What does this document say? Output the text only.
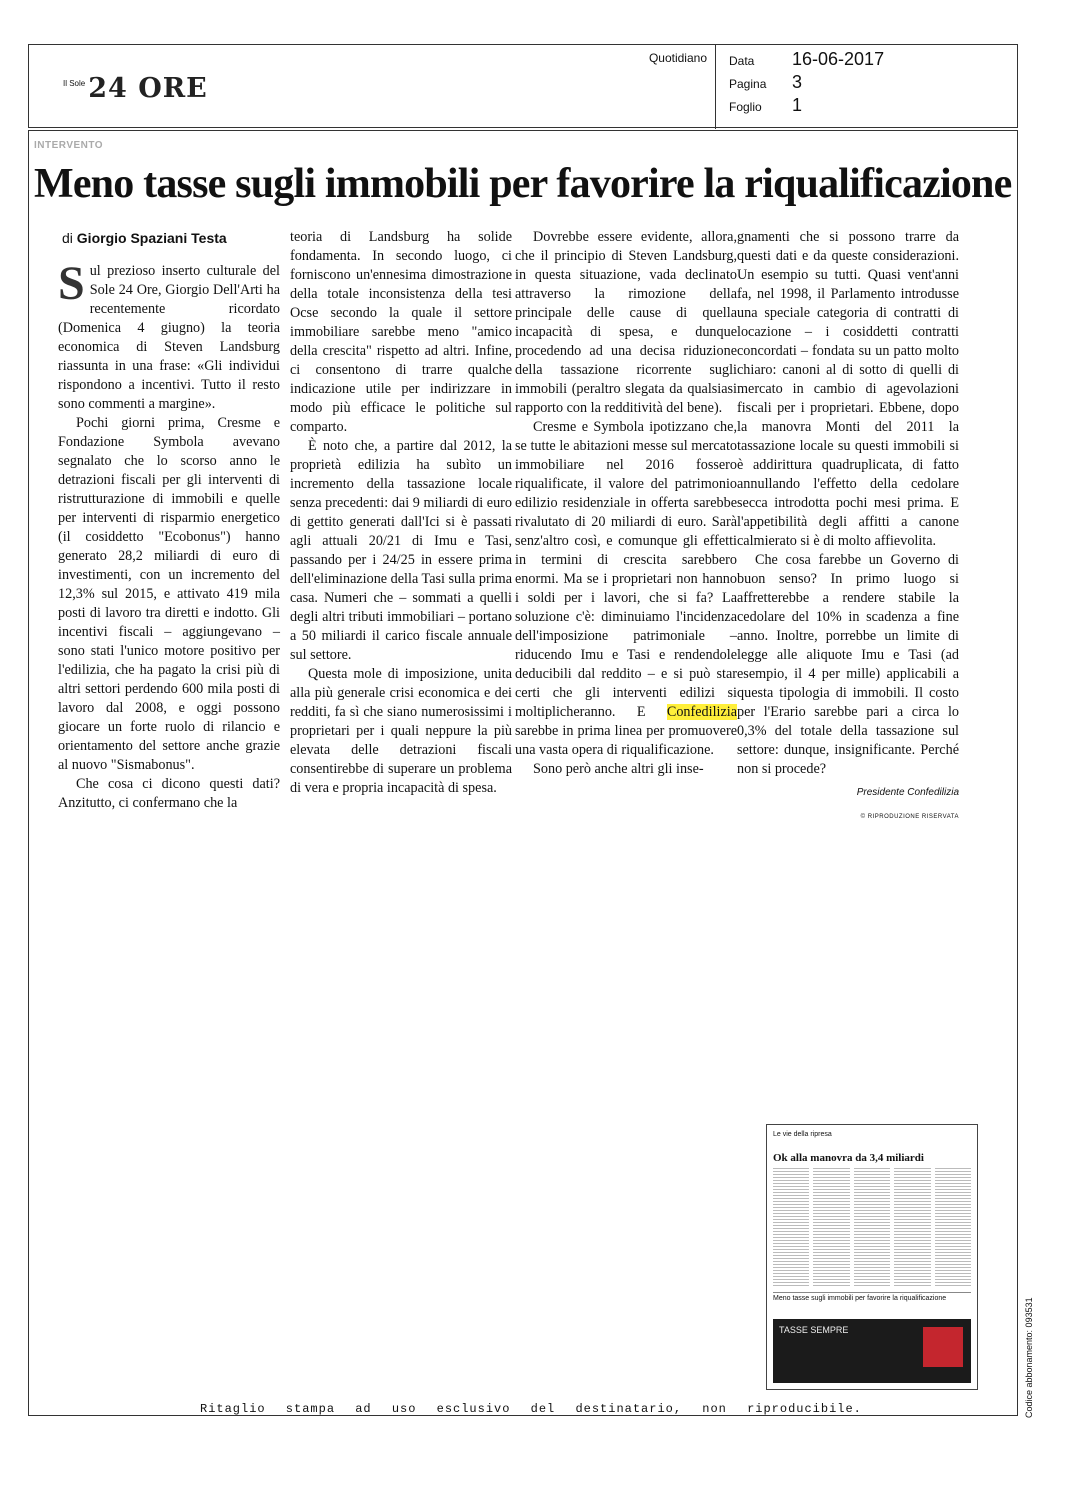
Il Sole 24 ORE
Quotidiano Data	16-06-2017
Pagina	3
Foglio	1
INTERVENTO
Meno tasse sugli immobili per favorire la riqualificazione
di Giorgio Spaziani Testa

Sul prezioso inserto culturale del Sole 24 Ore, Giorgio Dell'Arti ha recentemente ricordato (Domenica 4 giugno) la teoria economica di Steven Landsburg riassunta in una frase: «Gli individui rispondono a incentivi. Tutto il resto sono commenti a margine».

Pochi giorni prima, Cresme e Fondazione Symbola avevano segnalato che lo scorso anno le detrazioni fiscali per gli interventi di ristrutturazione di immobili e quelle per interventi di risparmio energetico (il cosiddetto "Ecobonus") hanno generato 28,2 miliardi di euro di investimenti, con un incremento del 12,3% sul 2015, e attivato 419 mila posti di lavoro tra diretti e indotto. Gli incentivi fiscali – aggiungevano – sono stati l'unico motore positivo per l'edilizia, che ha pagato la crisi più di altri settori perdendo 600 mila posti di lavoro dal 2008, e oggi possono giocare un forte ruolo di rilancio e orientamento del settore anche grazie al nuovo "Sismabonus".

Che cosa ci dicono questi dati? Anzitutto, ci confermano che la

teoria di Landsburg ha solide fondamenta. In secondo luogo, ci forniscono un'ennesima dimostrazione della totale inconsistenza della tesi Ocse secondo la quale il settore immobiliare sarebbe meno "amico della crescita" rispetto ad altri. Infine, ci consentono di trarre qualche indicazione utile per indirizzare in modo più efficace le politiche sul comparto.

È noto che, a partire dal 2012, la proprietà edilizia ha subìto un incremento della tassazione locale senza precedenti: dai 9 miliardi di euro di gettito generati dall'Ici si è passati agli attuali 20/21 di Imu e Tasi, passando per i 24/25 in essere prima dell'eliminazione della Tasi sulla prima casa. Numeri che – sommati a quelli degli altri tributi immobiliari – portano a 50 miliardi il carico fiscale annuale sul settore.

Questa mole di imposizione, unita alla più generale crisi economica e dei redditi, fa sì che siano numerosissimi i proprietari per i quali neppure la più elevata delle detrazioni fiscali consentirebbe di superare un problema di vera e propria incapacità di spesa.

Dovrebbe essere evidente, allora, che il principio di Steven Landsburg, in questa situazione, vada declinato attraverso la rimozione della principale delle cause di quella incapacità di spesa, e dunque procedendo ad una decisa riduzione della tassazione ricorrente sugli immobili (peraltro slegata da qualsiasi rapporto con la redditività del bene).

Cresme e Symbola ipotizzano che, se tutte le abitazioni messe sul mercato immobiliare nel 2016 fossero riqualificate, il valore del patrimonio edilizio residenziale in offerta sarebbe rivalutato di 20 miliardi di euro. Sarà senz'altro così, e comunque gli effetti in termini di crescita sarebbero enormi. Ma se i proprietari non hanno i soldi per i lavori, che si fa? La soluzione c'è: diminuiamo l'incidenza dell'imposizione patrimoniale – riducendo Imu e Tasi e rendendole deducibili dal reddito – e si può star certi che gli interventi edilizi si moltiplicheranno. E Confedilizia sarebbe in prima linea per promuovere una vasta opera di riqualificazione.

Sono però anche altri gli inse-

gnamenti che si possono trarre da questi dati e da queste considerazioni. Un esempio su tutti. Quasi vent'anni fa, nel 1998, il Parlamento introdusse una speciale categoria di contratti di locazione – i cosiddetti contratti concordati – fondata su un patto molto chiaro: canoni al di sotto di quelli di mercato in cambio di agevolazioni fiscali per i proprietari. Ebbene, dopo la manovra Monti del 2011 la tassazione locale su questi immobili si è addirittura quadruplicata, di fatto annullando l'effetto della cedolare secca introdotta pochi mesi prima. E l'appetibilità degli affitti a canone calmierato si è di molto affievolita.

Che cosa farebbe un Governo di buon senso? In primo luogo si affretterebbe a rendere stabile la cedolare del 10% in scadenza a fine anno. Inoltre, porrebbe un limite di legge alle aliquote Imu e Tasi (ad esempio, il 4 per mille) applicabili a questa tipologia di immobili. Il costo per l'Erario sarebbe pari a circa lo 0,3% del totale della tassazione sul settore: dunque, insignificante. Perché non si procede?

Presidente Confedilizia
© RIPRODUZIONE RISERVATA
Le vie della ripresa
Ok alla manovra da 3,4 miliardi
Meno tasse sugli immobili per favorire la riqualificazione
TASSE SEMPRE	Codice abbonamento: 093531
Ritaglio stampa ad uso esclusivo del destinatario, non riproducibile.
